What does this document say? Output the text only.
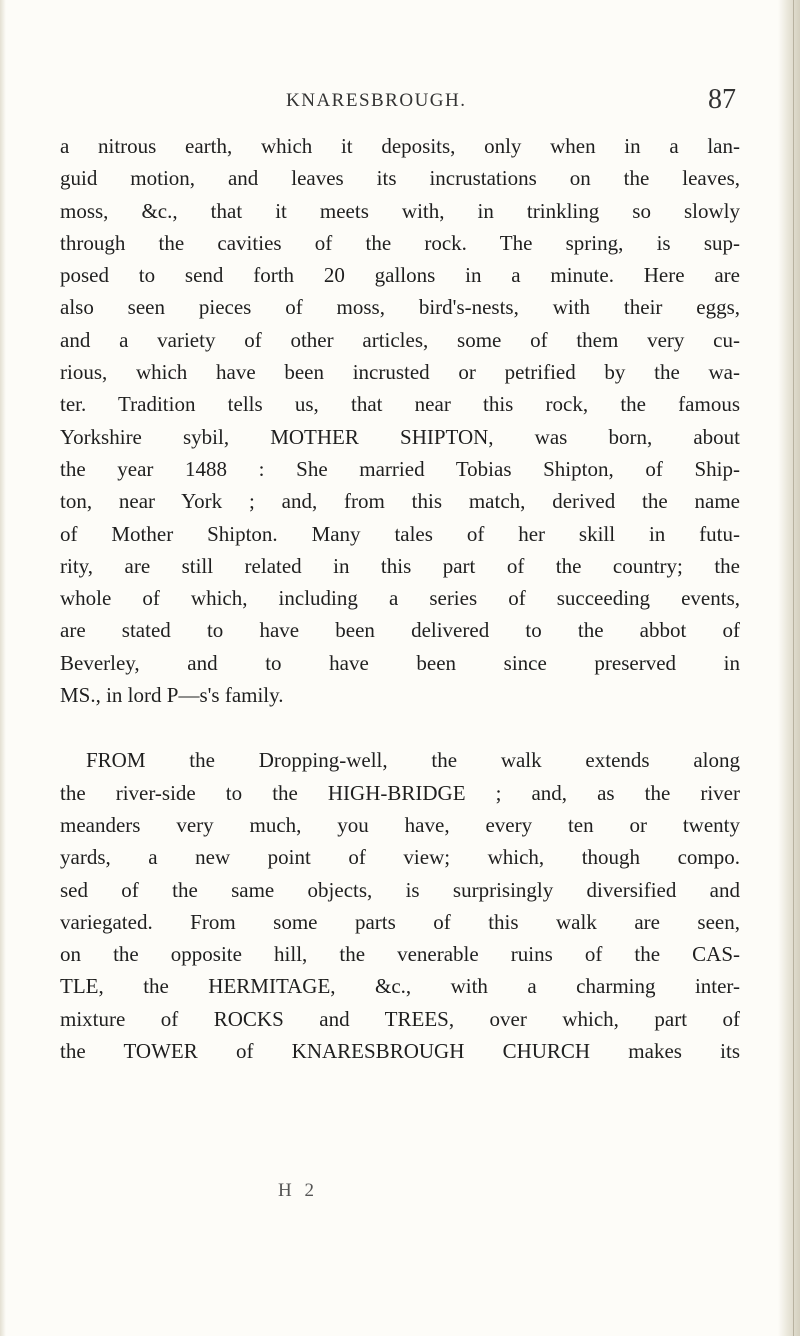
KNARESBROUGH.	87
a nitrous earth, which it deposits, only when in a lan-
guid motion, and leaves its incrustations on the leaves,
moss, &c., that it meets with, in trinkling so slowly
through the cavities of the rock. The spring, is sup-
posed to send forth 20 gallons in a minute. Here are
also seen pieces of moss, bird's-nests, with their eggs,
and a variety of other articles, some of them very cu-
rious, which have been incrusted or petrified by the wa-
ter. Tradition tells us, that near this rock, the famous
Yorkshire sybil, MOTHER SHIPTON, was born, about
the year 1488 : She married Tobias Shipton, of Ship-
ton, near York ; and, from this match, derived the name
of Mother Shipton. Many tales of her skill in futu-
rity, are still related in this part of the country; the
whole of which, including a series of succeeding events,
are stated to have been delivered to the abbot of
Beverley, and to have been since preserved in
MS., in lord P—s's family.
FROM the Dropping-well, the walk extends along
the river-side to the HIGH-BRIDGE ; and, as the river
meanders very much, you have, every ten or twenty
yards, a new point of view; which, though compo.
sed of the same objects, is surprisingly diversified and
variegated. From some parts of this walk are seen,
on the opposite hill, the venerable ruins of the CAS-
TLE, the HERMITAGE, &c., with a charming inter-
mixture of ROCKS and TREES, over which, part of
the TOWER of KNARESBROUGH CHURCH makes its
H 2
